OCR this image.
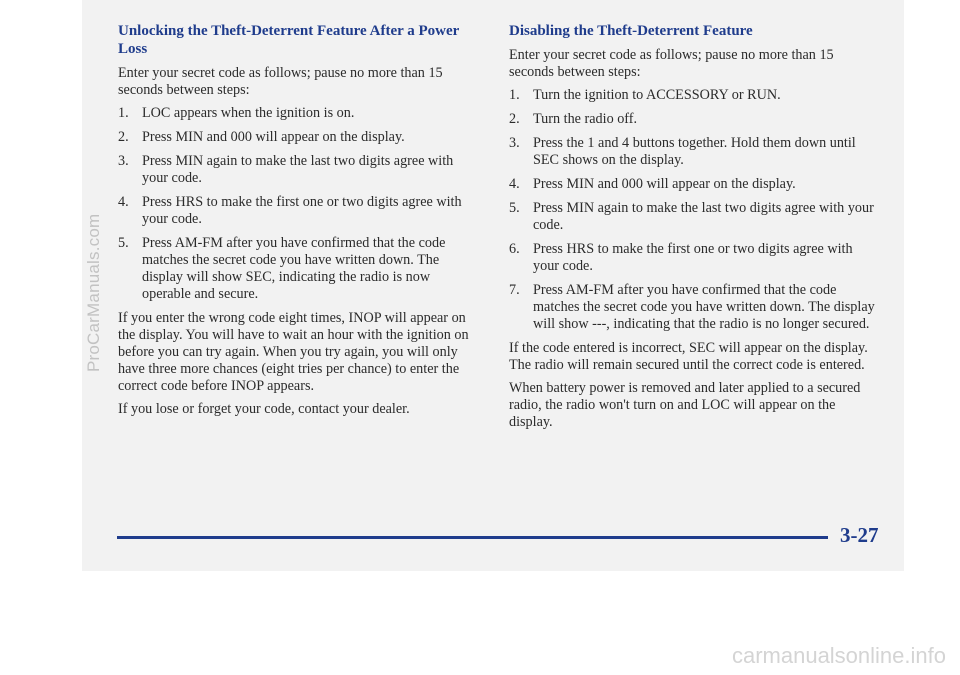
ProCarManuals.com
Unlocking the Theft-Deterrent Feature After a Power Loss

Enter your secret code as follows; pause no more than 15 seconds between steps:

1. LOC appears when the ignition is on.
2. Press MIN and 000 will appear on the display.
3. Press MIN again to make the last two digits agree with your code.
4. Press HRS to make the first one or two digits agree with your code.
5. Press AM-FM after you have confirmed that the code matches the secret code you have written down. The display will show SEC, indicating the radio is now operable and secure.

If you enter the wrong code eight times, INOP will appear on the display. You will have to wait an hour with the ignition on before you can try again. When you try again, you will only have three more chances (eight tries per chance) to enter the correct code before INOP appears.

If you lose or forget your code, contact your dealer.

Disabling the Theft-Deterrent Feature

Enter your secret code as follows; pause no more than 15 seconds between steps:

1. Turn the ignition to ACCESSORY or RUN.
2. Turn the radio off.
3. Press the 1 and 4 buttons together. Hold them down until SEC shows on the display.
4. Press MIN and 000 will appear on the display.
5. Press MIN again to make the last two digits agree with your code.
6. Press HRS to make the first one or two digits agree with your code.
7. Press AM-FM after you have confirmed that the code matches the secret code you have written down. The display will show ---, indicating that the radio is no longer secured.

If the code entered is incorrect, SEC will appear on the display. The radio will remain secured until the correct code is entered.

When battery power is removed and later applied to a secured radio, the radio won't turn on and LOC will appear on the display.

3-27
carmanualsonline.info
